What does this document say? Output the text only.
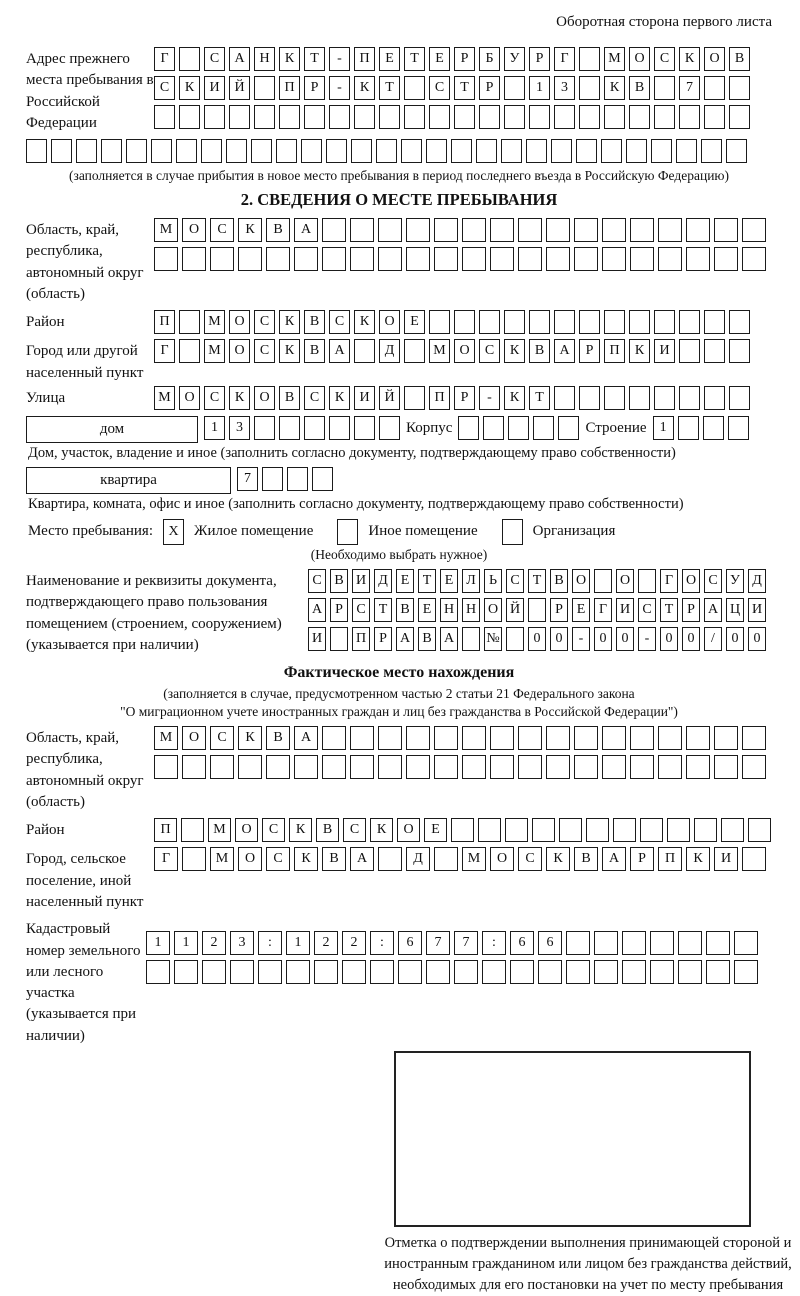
Оборотная сторона первого листа
Адрес прежнего места пребывания в Российской Федерации
Г	С	А	Н	К	Т	-	П	Е	Т	Е	Р	Б	У	Р	Г	М О	С	К	О	В
С	К	И	Й	П	Р	-	К	Т	С	Т	Р	1	3	К	В	7
(заполняется в случае прибытия в новое место пребывания в период последнего въезда в Российскую Федерацию)
2. СВЕДЕНИЯ О МЕСТЕ ПРЕБЫВАНИЯ
Область, край, республика, автономный округ (область)
М	О	С	К	В	А
Район	П	М О	С	К	В	С	К	О	Е
Город или другой населенный пункт
Г	М О	С	К	В	А	Д	М О	С	К	В	А	Р	П	К	И
Улица	М О	С	К	О	В	С	К	И	Й	П	Р	-	К	Т
дом	1	3	Корпус	Строение 1
Дом, участок, владение и иное (заполнить согласно документу, подтверждающему право собственности)
квартира	7
Квартира, комната, офис и иное (заполнить согласно документу, подтверждающему право собственности)
Место пребывания:	X	Жилое помещение	Иное помещение	Организация
(Необходимо выбрать нужное)
Наименование и реквизиты документа, подтверждающего право пользования помещением (строением, сооружением) (указывается при наличии)
С В И Д Е Т Е Л Ь С Т В О О	Г О С У Д
А Р С Т В Е Н Н О Й	Р Е Г И С Т Р А Ц И
И П Р А В А №	0	0	-	0	0	-	0	0	/	0	0
Фактическое место нахождения
(заполняется в случае, предусмотренном частью 2 статьи 21 Федерального закона
"О миграционном учете иностранных граждан и лиц без гражданства в Российской Федерации")
Область, край, республика, автономный округ (область)
М	О	С	К	В	А
Район	П	М	О	С	К	В	С	К	О	Е
Город, сельское поселение, иной населенный пункт
Г	М	О	С	К	В	А	Д	М	О	С	К	В	А	Р	П	К	И
Кадастровый номер земельного или лесного участка (указывается при наличии)
1	1	2	3	:	1	2	2	:	6	7	7	:	6	6
Отметка о подтверждении выполнения принимающей стороной и иностранным гражданином или лицом без гражданства действий, необходимых для его постановки на учет по месту пребывания
